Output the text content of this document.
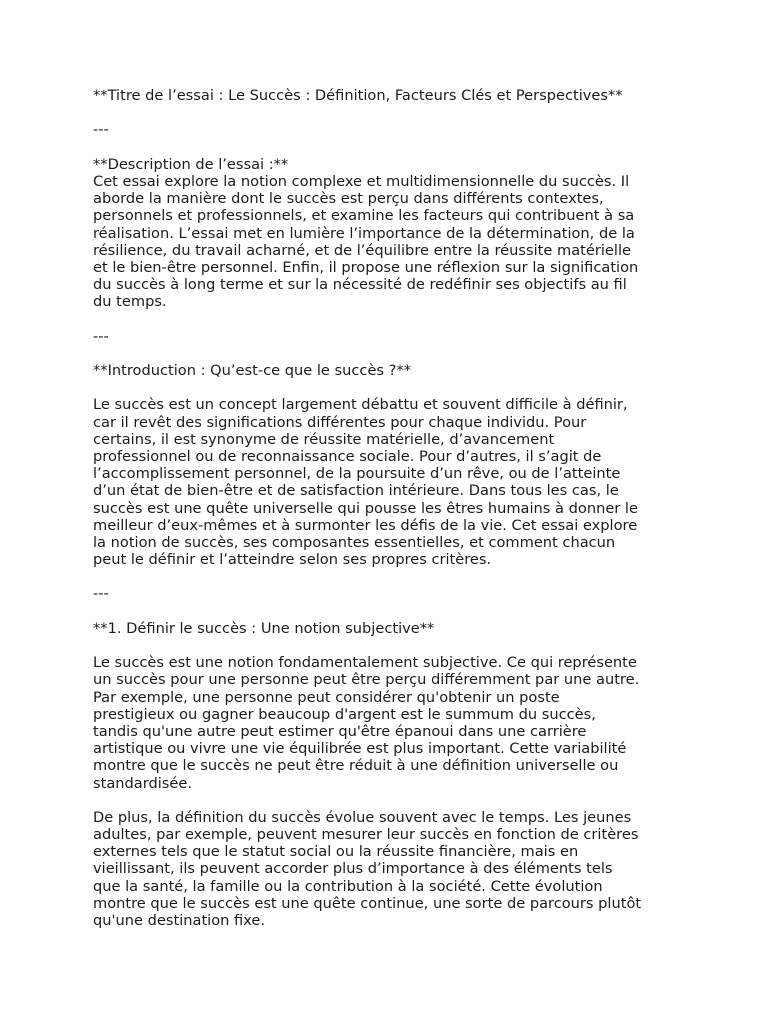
**Titre de l’essai : Le Succès : Définition, Facteurs Clés et Perspectives**
---
**Description de l’essai :**
Cet essai explore la notion complexe et multidimensionnelle du succès. Il
aborde la manière dont le succès est perçu dans différents contextes,
personnels et professionnels, et examine les facteurs qui contribuent à sa
réalisation. L’essai met en lumière l’importance de la détermination, de la
résilience, du travail acharné, et de l’équilibre entre la réussite matérielle
et le bien-être personnel. Enfin, il propose une réflexion sur la signification
du succès à long terme et sur la nécessité de redéfinir ses objectifs au fil
du temps.
---
**Introduction : Qu’est-ce que le succès ?**
Le succès est un concept largement débattu et souvent difficile à définir,
car il revêt des significations différentes pour chaque individu. Pour
certains, il est synonyme de réussite matérielle, d’avancement
professionnel ou de reconnaissance sociale. Pour d’autres, il s’agit de
l’accomplissement personnel, de la poursuite d’un rêve, ou de l’atteinte
d’un état de bien-être et de satisfaction intérieure. Dans tous les cas, le
succès est une quête universelle qui pousse les êtres humains à donner le
meilleur d’eux-mêmes et à surmonter les défis de la vie. Cet essai explore
la notion de succès, ses composantes essentielles, et comment chacun
peut le définir et l’atteindre selon ses propres critères.
---
**1. Définir le succès : Une notion subjective**
Le succès est une notion fondamentalement subjective. Ce qui représente
un succès pour une personne peut être perçu différemment par une autre.
Par exemple, une personne peut considérer qu'obtenir un poste
prestigieux ou gagner beaucoup d'argent est le summum du succès,
tandis qu'une autre peut estimer qu'être épanoui dans une carrière
artistique ou vivre une vie équilibrée est plus important. Cette variabilité
montre que le succès ne peut être réduit à une définition universelle ou
standardisée.
De plus, la définition du succès évolue souvent avec le temps. Les jeunes
adultes, par exemple, peuvent mesurer leur succès en fonction de critères
externes tels que le statut social ou la réussite financière, mais en
vieillissant, ils peuvent accorder plus d’importance à des éléments tels
que la santé, la famille ou la contribution à la société. Cette évolution
montre que le succès est une quête continue, une sorte de parcours plutôt
qu'une destination fixe.
